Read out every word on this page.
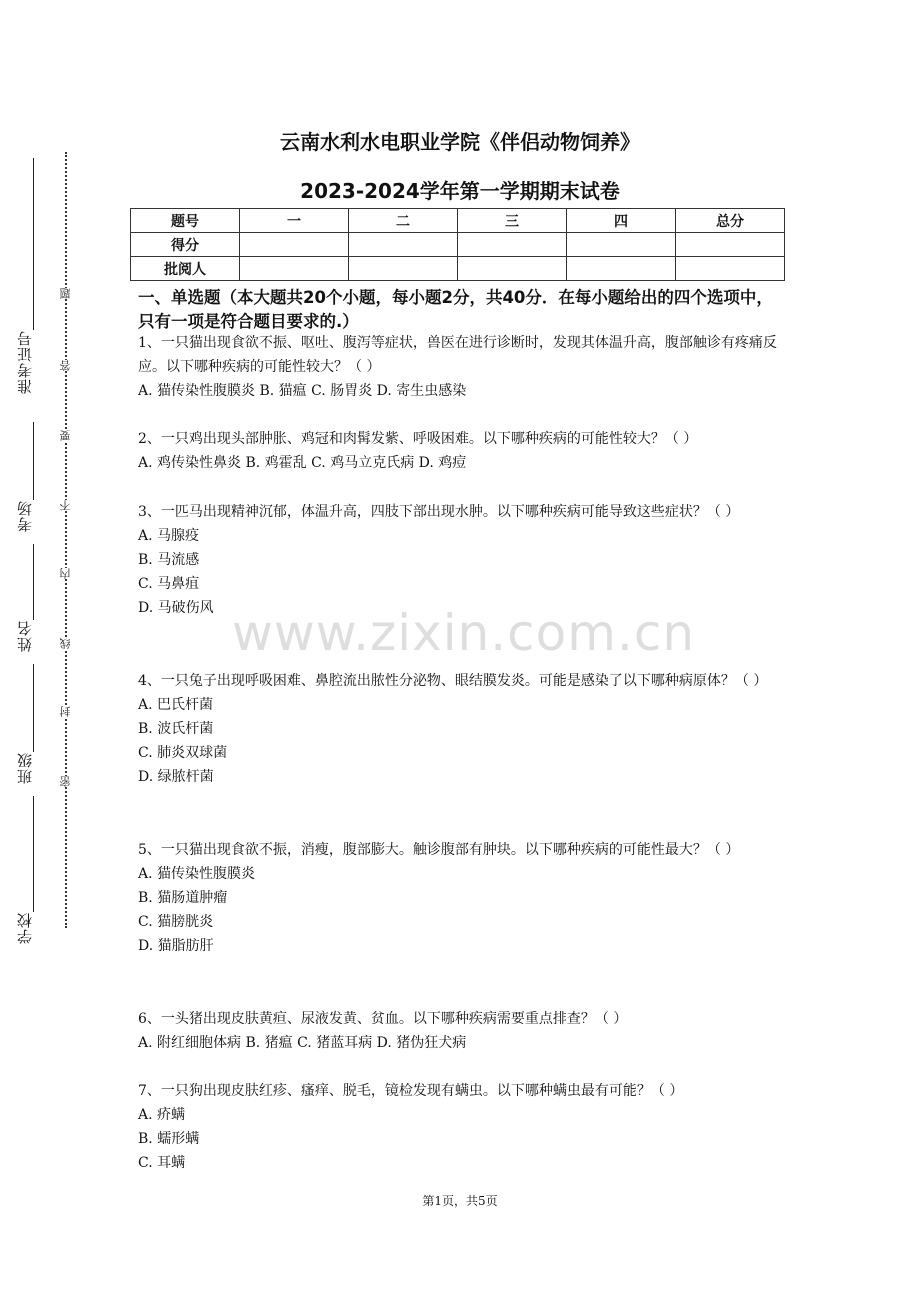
准考证号
考场
姓名
班级
学校
题
答
要
不
内
线
封
密
云南水利水电职业学院《伴侣动物饲养》
2023-2024学年第一学期期末试卷
题号	一	二	三	四	总分
得分					
批阅人					
一、单选题（本大题共20个小题，每小题2分，共40分．在每小题给出的四个选项中，只有一项是符合题目要求的.）

1、一只猫出现食欲不振、呕吐、腹泻等症状，兽医在进行诊断时，发现其体温升高，腹部触诊有疼痛反应。以下哪种疾病的可能性较大？（ ）

A. 猫传染性腹膜炎 B. 猫瘟 C. 肠胃炎 D. 寄生虫感染

2、一只鸡出现头部肿胀、鸡冠和肉髯发紫、呼吸困难。以下哪种疾病的可能性较大？（ ）

A. 鸡传染性鼻炎 B. 鸡霍乱 C. 鸡马立克氏病 D. 鸡痘

3、一匹马出现精神沉郁，体温升高，四肢下部出现水肿。以下哪种疾病可能导致这些症状？（ ）

A. 马腺疫

B. 马流感

C. 马鼻疽

D. 马破伤风

4、一只兔子出现呼吸困难、鼻腔流出脓性分泌物、眼结膜发炎。可能是感染了以下哪种病原体？（ ）

A. 巴氏杆菌

B. 波氏杆菌

C. 肺炎双球菌

D. 绿脓杆菌

5、一只猫出现食欲不振，消瘦，腹部膨大。触诊腹部有肿块。以下哪种疾病的可能性最大？（ ）

A. 猫传染性腹膜炎

B. 猫肠道肿瘤

C. 猫膀胱炎

D. 猫脂肪肝

6、一头猪出现皮肤黄疸、尿液发黄、贫血。以下哪种疾病需要重点排查？（ ）

A. 附红细胞体病 B. 猪瘟 C. 猪蓝耳病 D. 猪伪狂犬病

7、一只狗出现皮肤红疹、瘙痒、脱毛，镜检发现有螨虫。以下哪种螨虫最有可能？（ ）

A. 疥螨

B. 蠕形螨

C. 耳螨

www.zixin.com.cn
第1页，共5页
